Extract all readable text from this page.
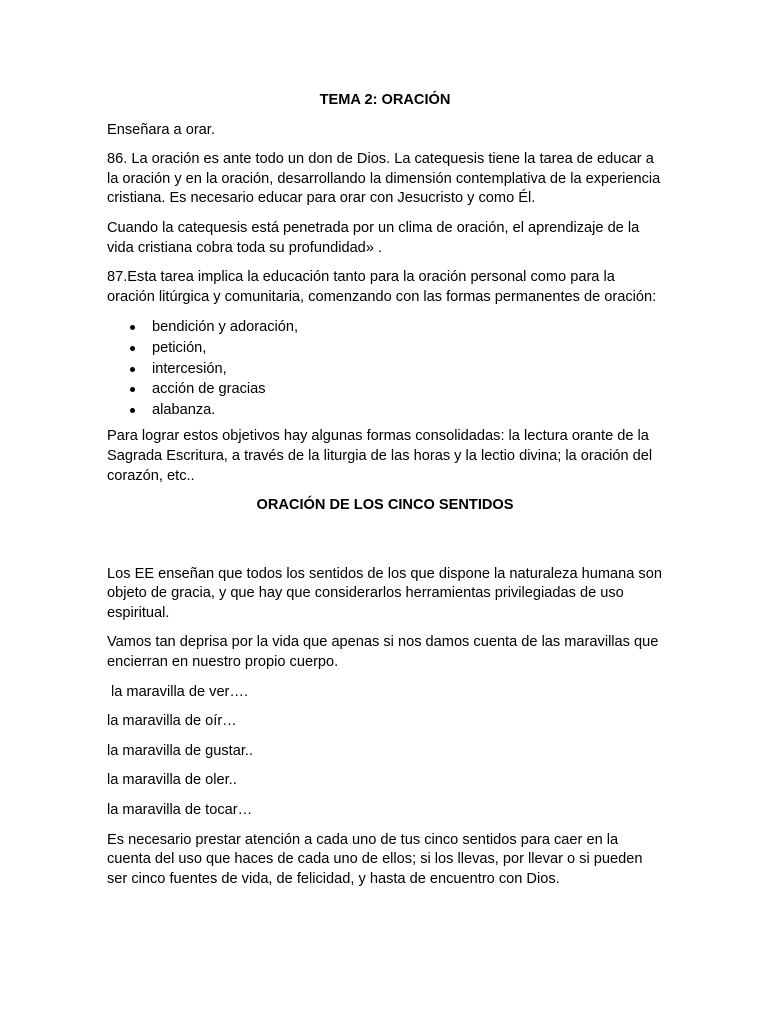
TEMA 2: ORACIÓN

Enseñara a orar.

86. La oración es ante todo un don de Dios. La catequesis tiene la tarea de educar a la oración y en la oración, desarrollando la dimensión contemplativa de la experiencia cristiana. Es necesario educar para orar con Jesucristo y como Él.

Cuando la catequesis está penetrada por un clima de oración, el aprendizaje de la vida cristiana cobra toda su profundidad» .

87.Esta tarea implica la educación tanto para la oración personal como para la oración litúrgica y comunitaria, comenzando con las formas permanentes de oración:

bendición y adoración,
petición,
intercesión,
acción de gracias
alabanza.

Para lograr estos objetivos hay algunas formas consolidadas: la lectura orante de la Sagrada Escritura, a través de la liturgia de las horas y la lectio divina; la oración del corazón, etc..

ORACIÓN DE LOS CINCO SENTIDOS

Los EE enseñan que todos los sentidos de los que dispone la naturaleza humana son objeto de gracia, y que hay que considerarlos herramientas privilegiadas de uso espiritual.

Vamos tan deprisa por la vida que apenas si nos damos cuenta de las maravillas que encierran en nuestro propio cuerpo.

la maravilla de ver….

la maravilla de oír…

la maravilla de gustar..

la maravilla de oler..

la maravilla de tocar…

Es necesario prestar atención a cada uno de tus cinco sentidos para caer en la cuenta del uso que haces de cada uno de ellos; si los llevas, por llevar o si pueden ser cinco fuentes de vida, de felicidad, y hasta de encuentro con Dios.
